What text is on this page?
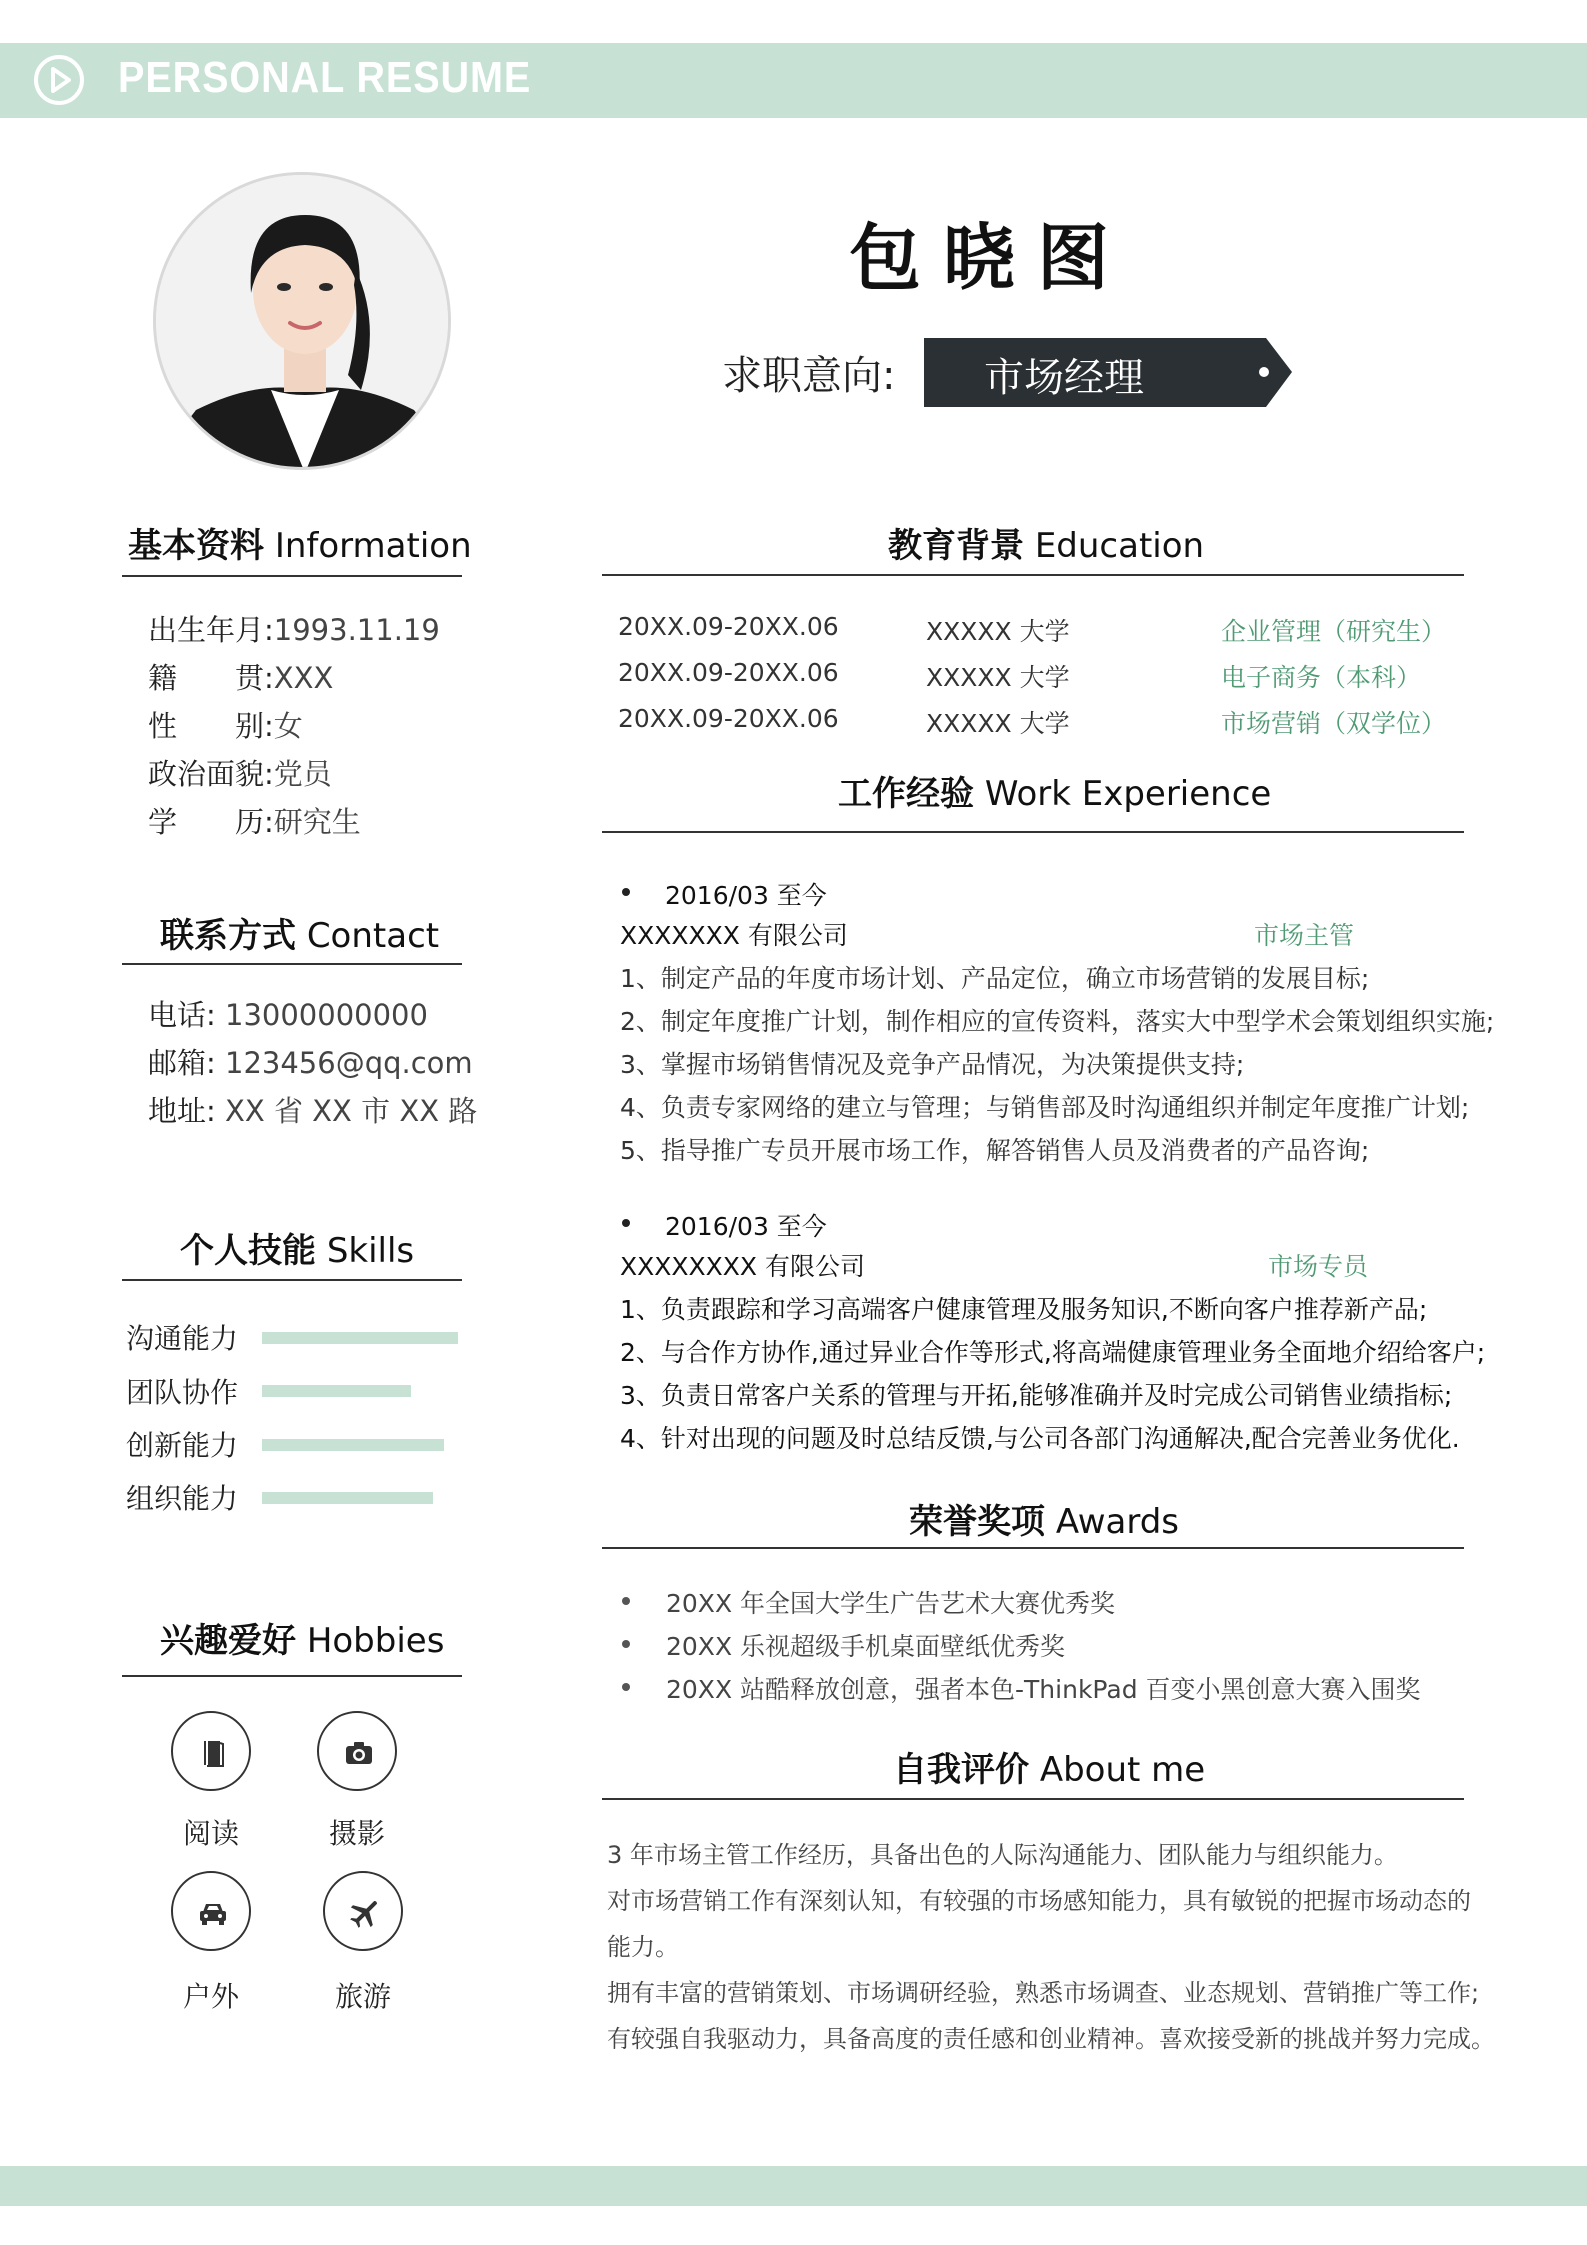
PERSONAL RESUME
包晓图
求职意向: 市场经理
基本资料 Information
出生年月:1993.11.19
籍　　贯:XXX
性　　别:女
政治面貌:党员
学　　历:研究生
联系方式 Contact
电话: 13000000000
邮箱: 123456@qq.com
地址: XX 省 XX 市 XX 路
个人技能 Skills
沟通能力
团队协作
创新能力
组织能力
兴趣爱好 Hobbies
阅读	摄影
户外	旅游
教育背景 Education
20XX.09-20XX.06	XXXXX 大学	企业管理（研究生）
20XX.09-20XX.06	XXXXX 大学	电子商务（本科）
20XX.09-20XX.06	XXXXX 大学	市场营销（双学位）
工作经验 Work Experience
2016/03 至今
XXXXXXX 有限公司	市场主管
1、制定产品的年度市场计划、产品定位，确立市场营销的发展目标;
2、制定年度推广计划，制作相应的宣传资料，落实大中型学术会策划组织实施;
3、掌握市场销售情况及竞争产品情况，为决策提供支持;
4、负责专家网络的建立与管理；与销售部及时沟通组织并制定年度推广计划;
5、指导推广专员开展市场工作，解答销售人员及消费者的产品咨询;
2016/03 至今
XXXXXXXX 有限公司	市场专员
1、负责跟踪和学习高端客户健康管理及服务知识,不断向客户推荐新产品;
2、与合作方协作,通过异业合作等形式,将高端健康管理业务全面地介绍给客户;
3、负责日常客户关系的管理与开拓,能够准确并及时完成公司销售业绩指标;
4、针对出现的问题及时总结反馈,与公司各部门沟通解决,配合完善业务优化.
荣誉奖项 Awards
20XX 年全国大学生广告艺术大赛优秀奖
20XX 乐视超级手机桌面壁纸优秀奖
20XX 站酷释放创意，强者本色-ThinkPad 百变小黑创意大赛入围奖
自我评价 About me
3 年市场主管工作经历，具备出色的人际沟通能力、团队能力与组织能力。
对市场营销工作有深刻认知，有较强的市场感知能力，具有敏锐的把握市场动态的
能力。
拥有丰富的营销策划、市场调研经验，熟悉市场调查、业态规划、营销推广等工作;
有较强自我驱动力，具备高度的责任感和创业精神。喜欢接受新的挑战并努力完成。
